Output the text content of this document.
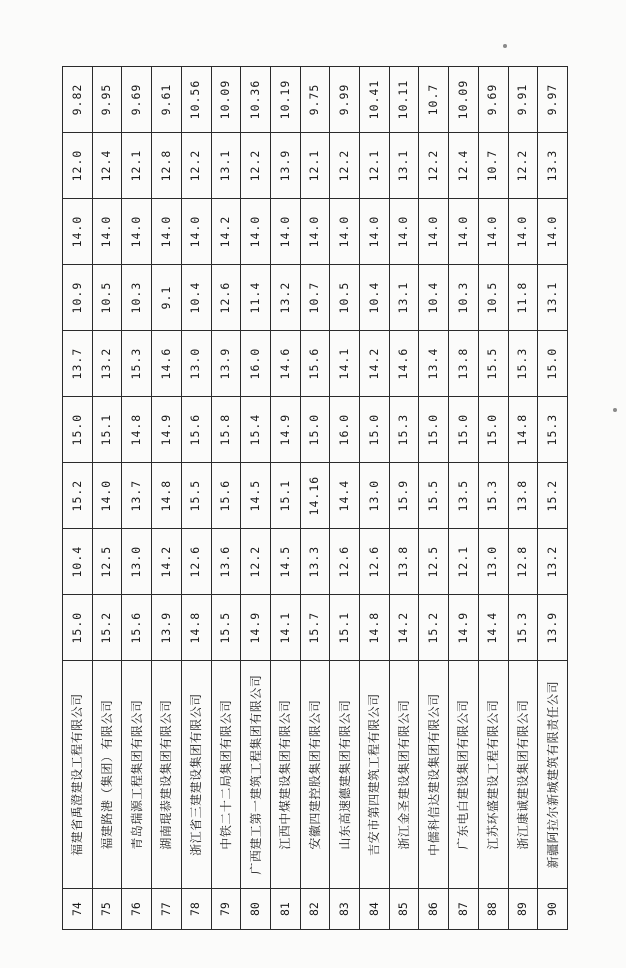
74	福建省禹澄建设工程有限公司	15.0	10.4	15.2	15.0	13.7	10.9	14.0	12.0	9.82
75	福建路港（集团）有限公司	15.2	12.5	14.0	15.1	13.2	10.5	14.0	12.4	9.95
76	青岛瑞源工程集团有限公司	15.6	13.0	13.7	14.8	15.3	10.3	14.0	12.1	9.69
77	湖南琨恭建设集团有限公司	13.9	14.2	14.8	14.9	14.6	9.1	14.0	12.8	9.61
78	浙江省三建建设集团有限公司	14.8	12.6	15.5	15.6	13.0	10.4	14.0	12.2	10.56
79	中铁二十二局集团有限公司	15.5	13.6	15.6	15.8	13.9	12.6	14.2	13.1	10.09
80	广西建工第一建筑工程集团有限公司	14.9	12.2	14.5	15.4	16.0	11.4	14.0	12.2	10.36
81	江西中煤建设集团有限公司	14.1	14.5	15.1	14.9	14.6	13.2	14.0	13.9	10.19
82	安徽四建控股集团有限公司	15.7	13.3	14.16	15.0	15.6	10.7	14.0	12.1	9.75
83	山东高速德建集团有限公司	15.1	12.6	14.4	16.0	14.1	10.5	14.0	12.2	9.99
84	吉安市第四建筑工程有限公司	14.8	12.6	13.0	15.0	14.2	10.4	14.0	12.1	10.41
85	浙江金圣建设集团有限公司	14.2	13.8	15.9	15.3	14.6	13.1	14.0	13.1	10.11
86	中儒科信达建设集团有限公司	15.2	12.5	15.5	15.0	13.4	10.4	14.0	12.2	10.7
87	广东电白建设集团有限公司	14.9	12.1	13.5	15.0	13.8	10.3	14.0	12.4	10.09
88	江苏环盛建设工程有限公司	14.4	13.0	15.3	15.0	15.5	10.5	14.0	10.7	9.69
89	浙江康诚建设集团有限公司	15.3	12.8	13.8	14.8	15.3	11.8	14.0	12.2	9.91
90	新疆阿拉尔新城建筑有限责任公司	13.9	13.2	15.2	15.3	15.0	13.1	14.0	13.3	9.97
